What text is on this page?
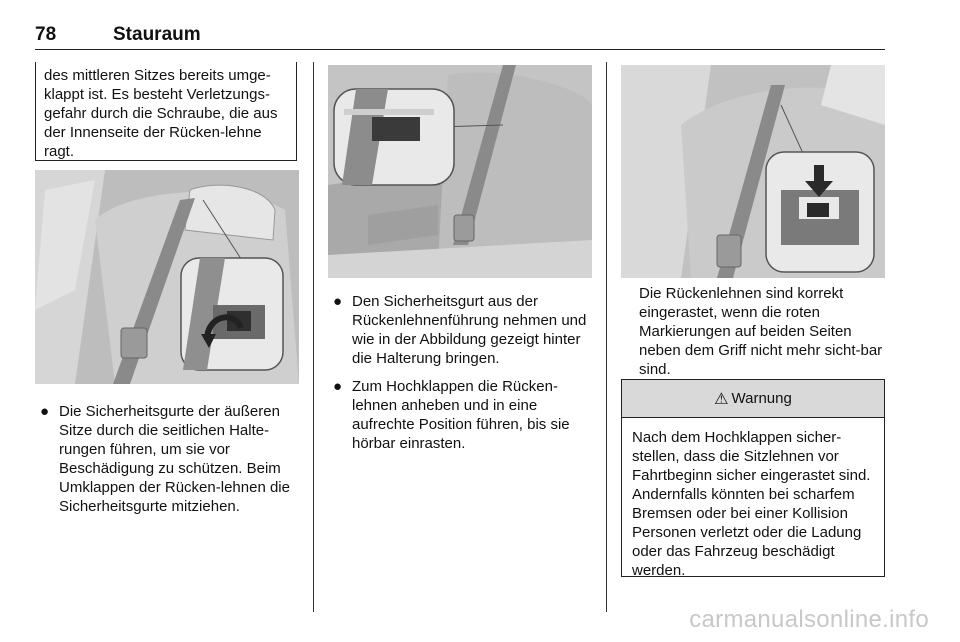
78	Stauraum

des mittleren Sitzes bereits umge-klappt ist. Es besteht Verletzungs-gefahr durch die Schraube, die aus der Innenseite der Rücken-lehne ragt.

● Die Sicherheitsgurte der äußeren Sitze durch die seitlichen Halte-rungen führen, um sie vor Beschädigung zu schützen. Beim Umklappen der Rücken-lehnen die Sicherheitsgurte mitziehen.
● Den Sicherheitsgurt aus der Rückenlehnenführung nehmen und wie in der Abbildung gezeigt hinter die Halterung bringen.
● Zum Hochklappen die Rücken-lehnen anheben und in eine aufrechte Position führen, bis sie hörbar einrasten.

Die Rückenlehnen sind korrekt eingerastet, wenn die roten Markierungen auf beiden Seiten neben dem Griff nicht mehr sicht-bar sind.

⚠ Warnung

Nach dem Hochklappen sicher-stellen, dass die Sitzlehnen vor Fahrtbeginn sicher eingerastet sind. Andernfalls könnten bei scharfem Bremsen oder bei einer Kollision Personen verletzt oder die Ladung oder das Fahrzeug beschädigt werden.

carmanualsonline.info
